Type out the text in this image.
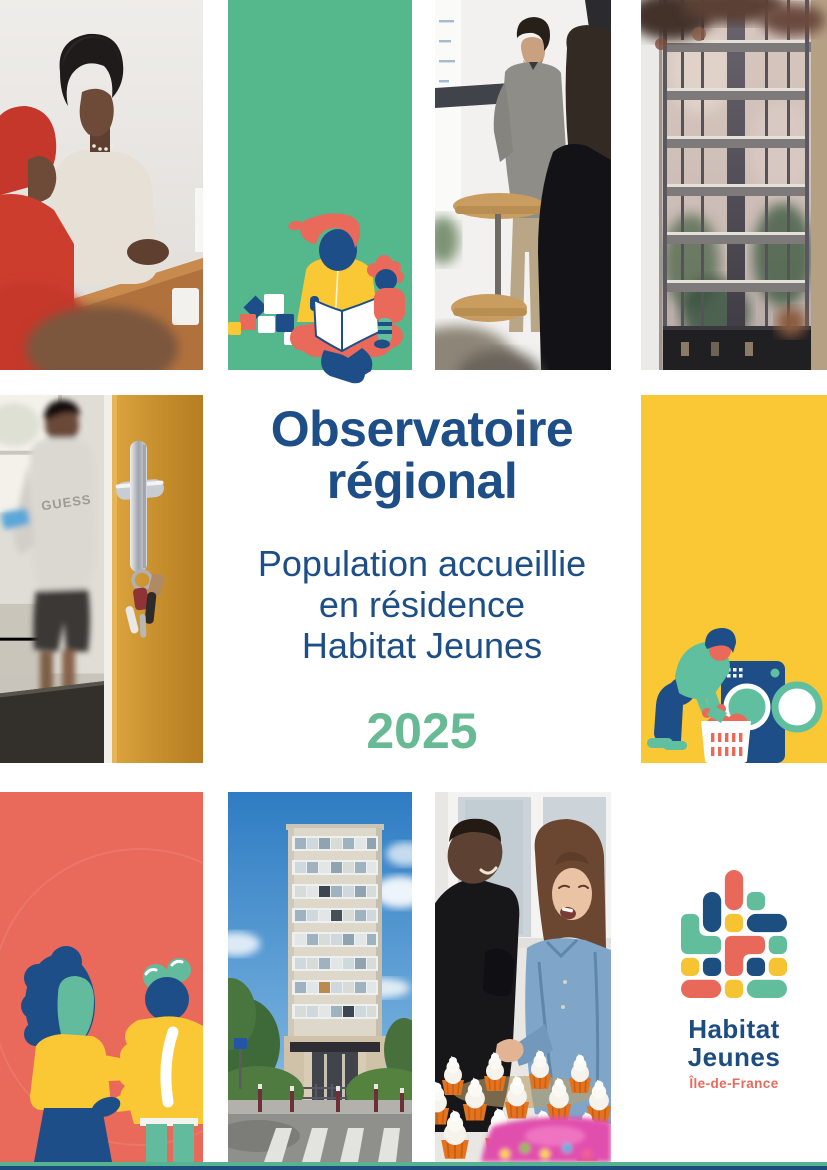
GUESS
Observatoire
régional
Population accueillie
en résidence
Habitat Jeunes
2025
Habitat
Jeunes
Île-de-France
